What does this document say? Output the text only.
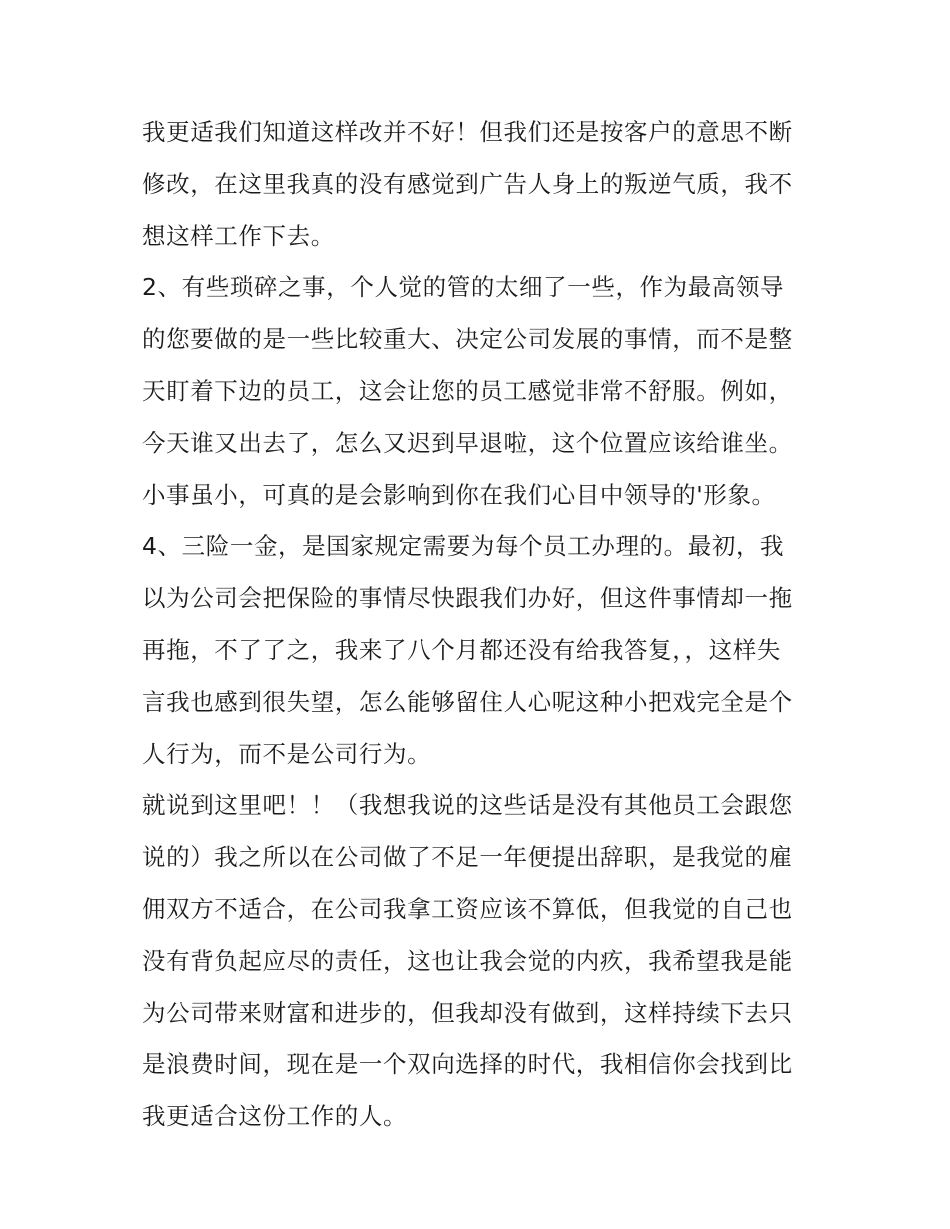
我更适我们知道这样改并不好！但我们还是按客户的意思不断
修改，在这里我真的没有感觉到广告人身上的叛逆气质，我不
想这样工作下去。
2、有些琐碎之事，个人觉的管的太细了一些，作为最高领导
的您要做的是一些比较重大、决定公司发展的事情，而不是整
天盯着下边的员工，这会让您的员工感觉非常不舒服。例如，
今天谁又出去了，怎么又迟到早退啦，这个位置应该给谁坐。
小事虽小，可真的是会影响到你在我们心目中领导的'形象。
4、三险一金，是国家规定需要为每个员工办理的。最初，我
以为公司会把保险的事情尽快跟我们办好，但这件事情却一拖
再拖，不了了之，我来了八个月都还没有给我答复，，这样失
言我也感到很失望，怎么能够留住人心呢这种小把戏完全是个
人行为，而不是公司行为。
就说到这里吧！！（我想我说的这些话是没有其他员工会跟您
说的）我之所以在公司做了不足一年便提出辞职，是我觉的雇
佣双方不适合，在公司我拿工资应该不算低，但我觉的自己也
没有背负起应尽的责任，这也让我会觉的内疚，我希望我是能
为公司带来财富和进步的，但我却没有做到，这样持续下去只
是浪费时间，现在是一个双向选择的时代，我相信你会找到比
我更适合这份工作的人。
